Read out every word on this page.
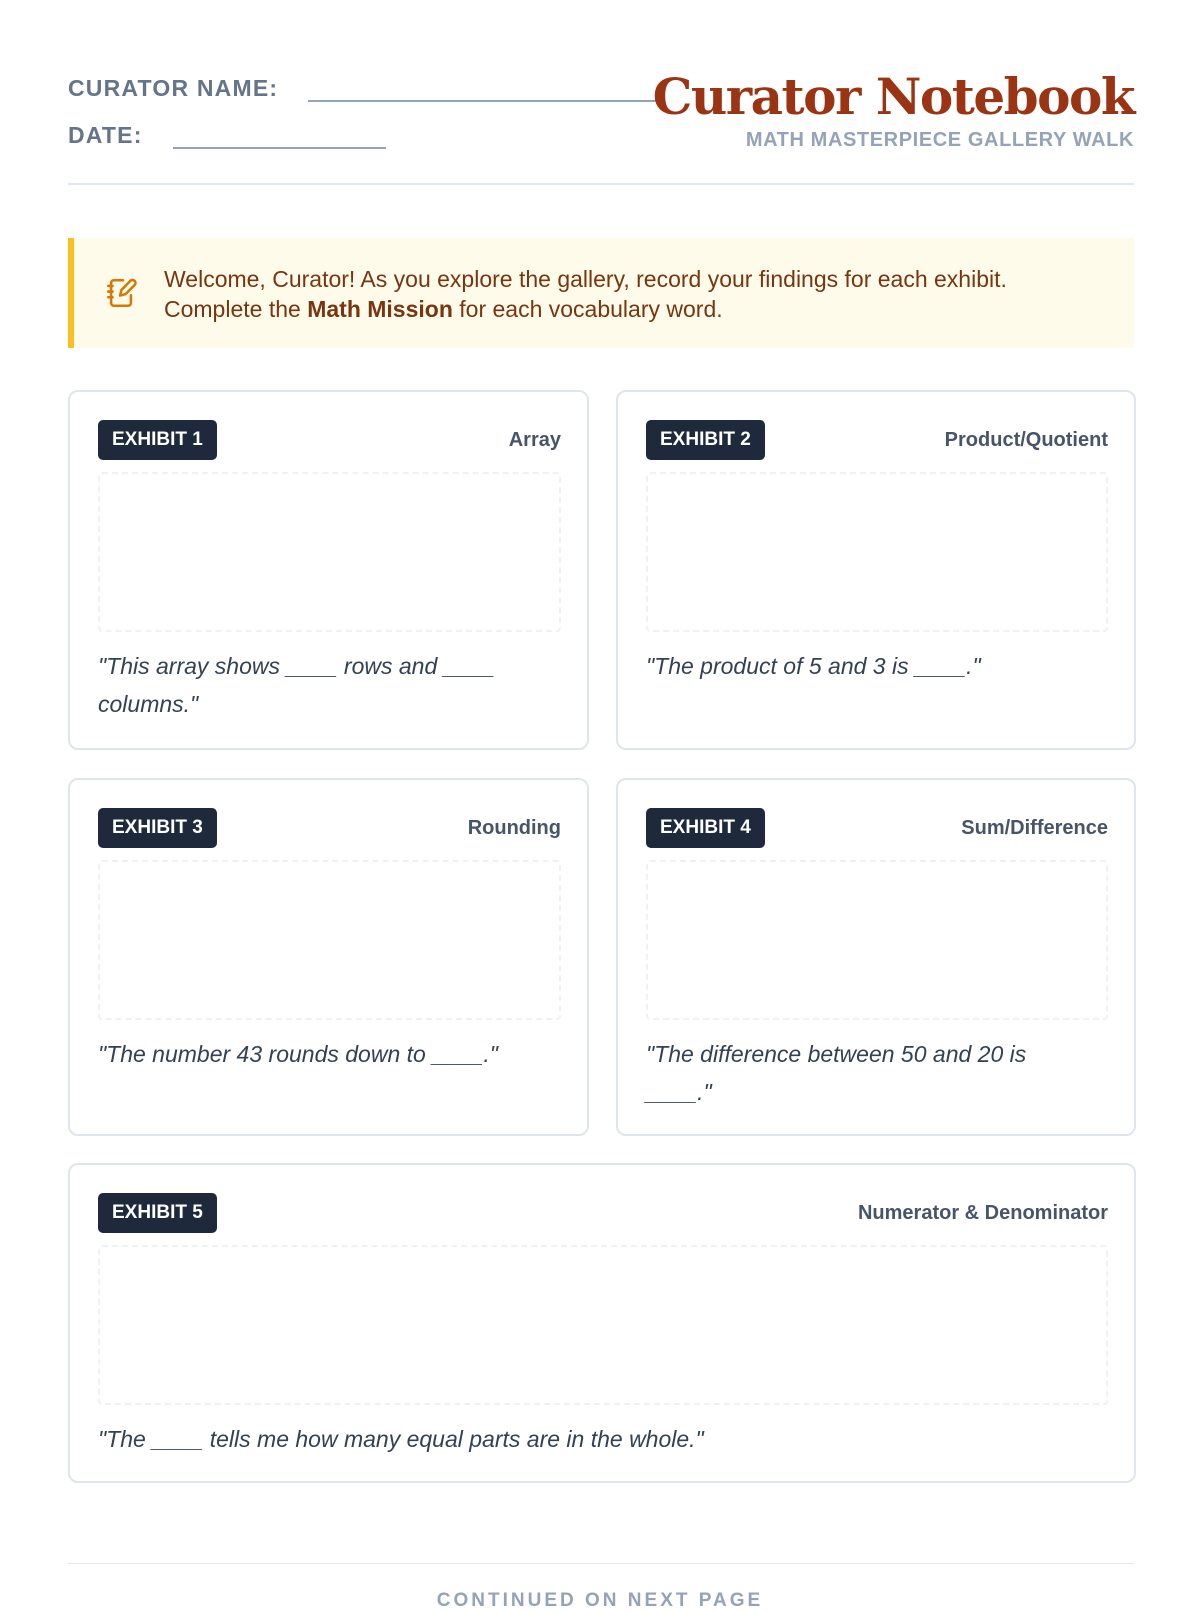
CURATOR NAME:
DATE:
Curator Notebook
MATH MASTERPIECE GALLERY WALK
Welcome, Curator! As you explore the gallery, record your findings for each exhibit.
Complete the Math Mission for each vocabulary word.
EXHIBIT 1	Array
"This array shows ____ rows and ____ columns."
EXHIBIT 2	Product/Quotient
"The product of 5 and 3 is ____."
EXHIBIT 3	Rounding
"The number 43 rounds down to ____."
EXHIBIT 4	Sum/Difference
"The difference between 50 and 20 is ____."
EXHIBIT 5	Numerator & Denominator
"The ____ tells me how many equal parts are in the whole."
CONTINUED ON NEXT PAGE
